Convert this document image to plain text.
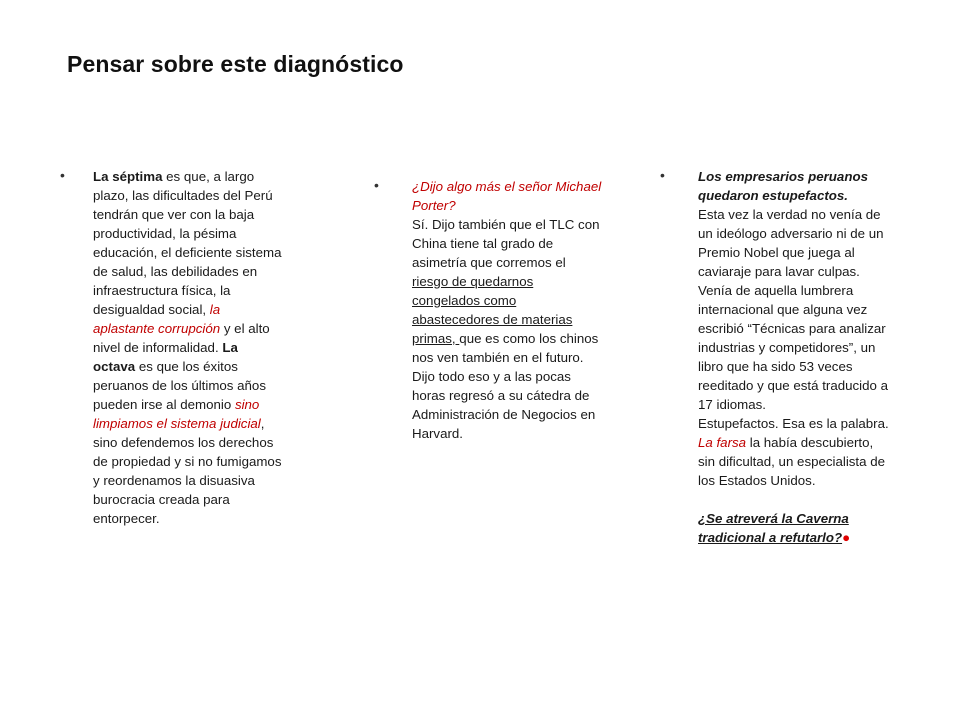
Pensar sobre este diagnóstico
• La séptima es que, a largo plazo, las dificultades del Perú tendrán que ver con la baja productividad, la pésima educación, el deficiente sistema de salud, las debilidades en infraestructura física, la desigualdad social, la aplastante corrupción y el alto nivel de informalidad. La octava es que los éxitos peruanos de los últimos años pueden irse al demonio sino limpiamos el sistema judicial, sino defendemos los derechos de propiedad y si no fumigamos y reordenamos la disuasiva burocracia creada para entorpecer.
• ¿Dijo algo más el señor Michael Porter?
Sí. Dijo también que el TLC con China tiene tal grado de asimetría que corremos el riesgo de quedarnos congelados como abastecedores de materias primas, que es como los chinos nos ven también en el futuro.
Dijo todo eso y a las pocas horas regresó a su cátedra de Administración de Negocios en Harvard.
• Los empresarios peruanos quedaron estupefactos.
Esta vez la verdad no venía de un ideólogo adversario ni de un Premio Nobel que juega al caviaraje para lavar culpas. Venía de aquella lumbrera internacional que alguna vez escribió “Técnicas para analizar industrias y competidores”, un libro que ha sido 53 veces reeditado y que está traducido a 17 idiomas.
Estupefactos. Esa es la palabra. La farsa la había descubierto, sin dificultad, un especialista de los Estados Unidos.

¿Se atreverá la Caverna tradicional a refutarlo?●
